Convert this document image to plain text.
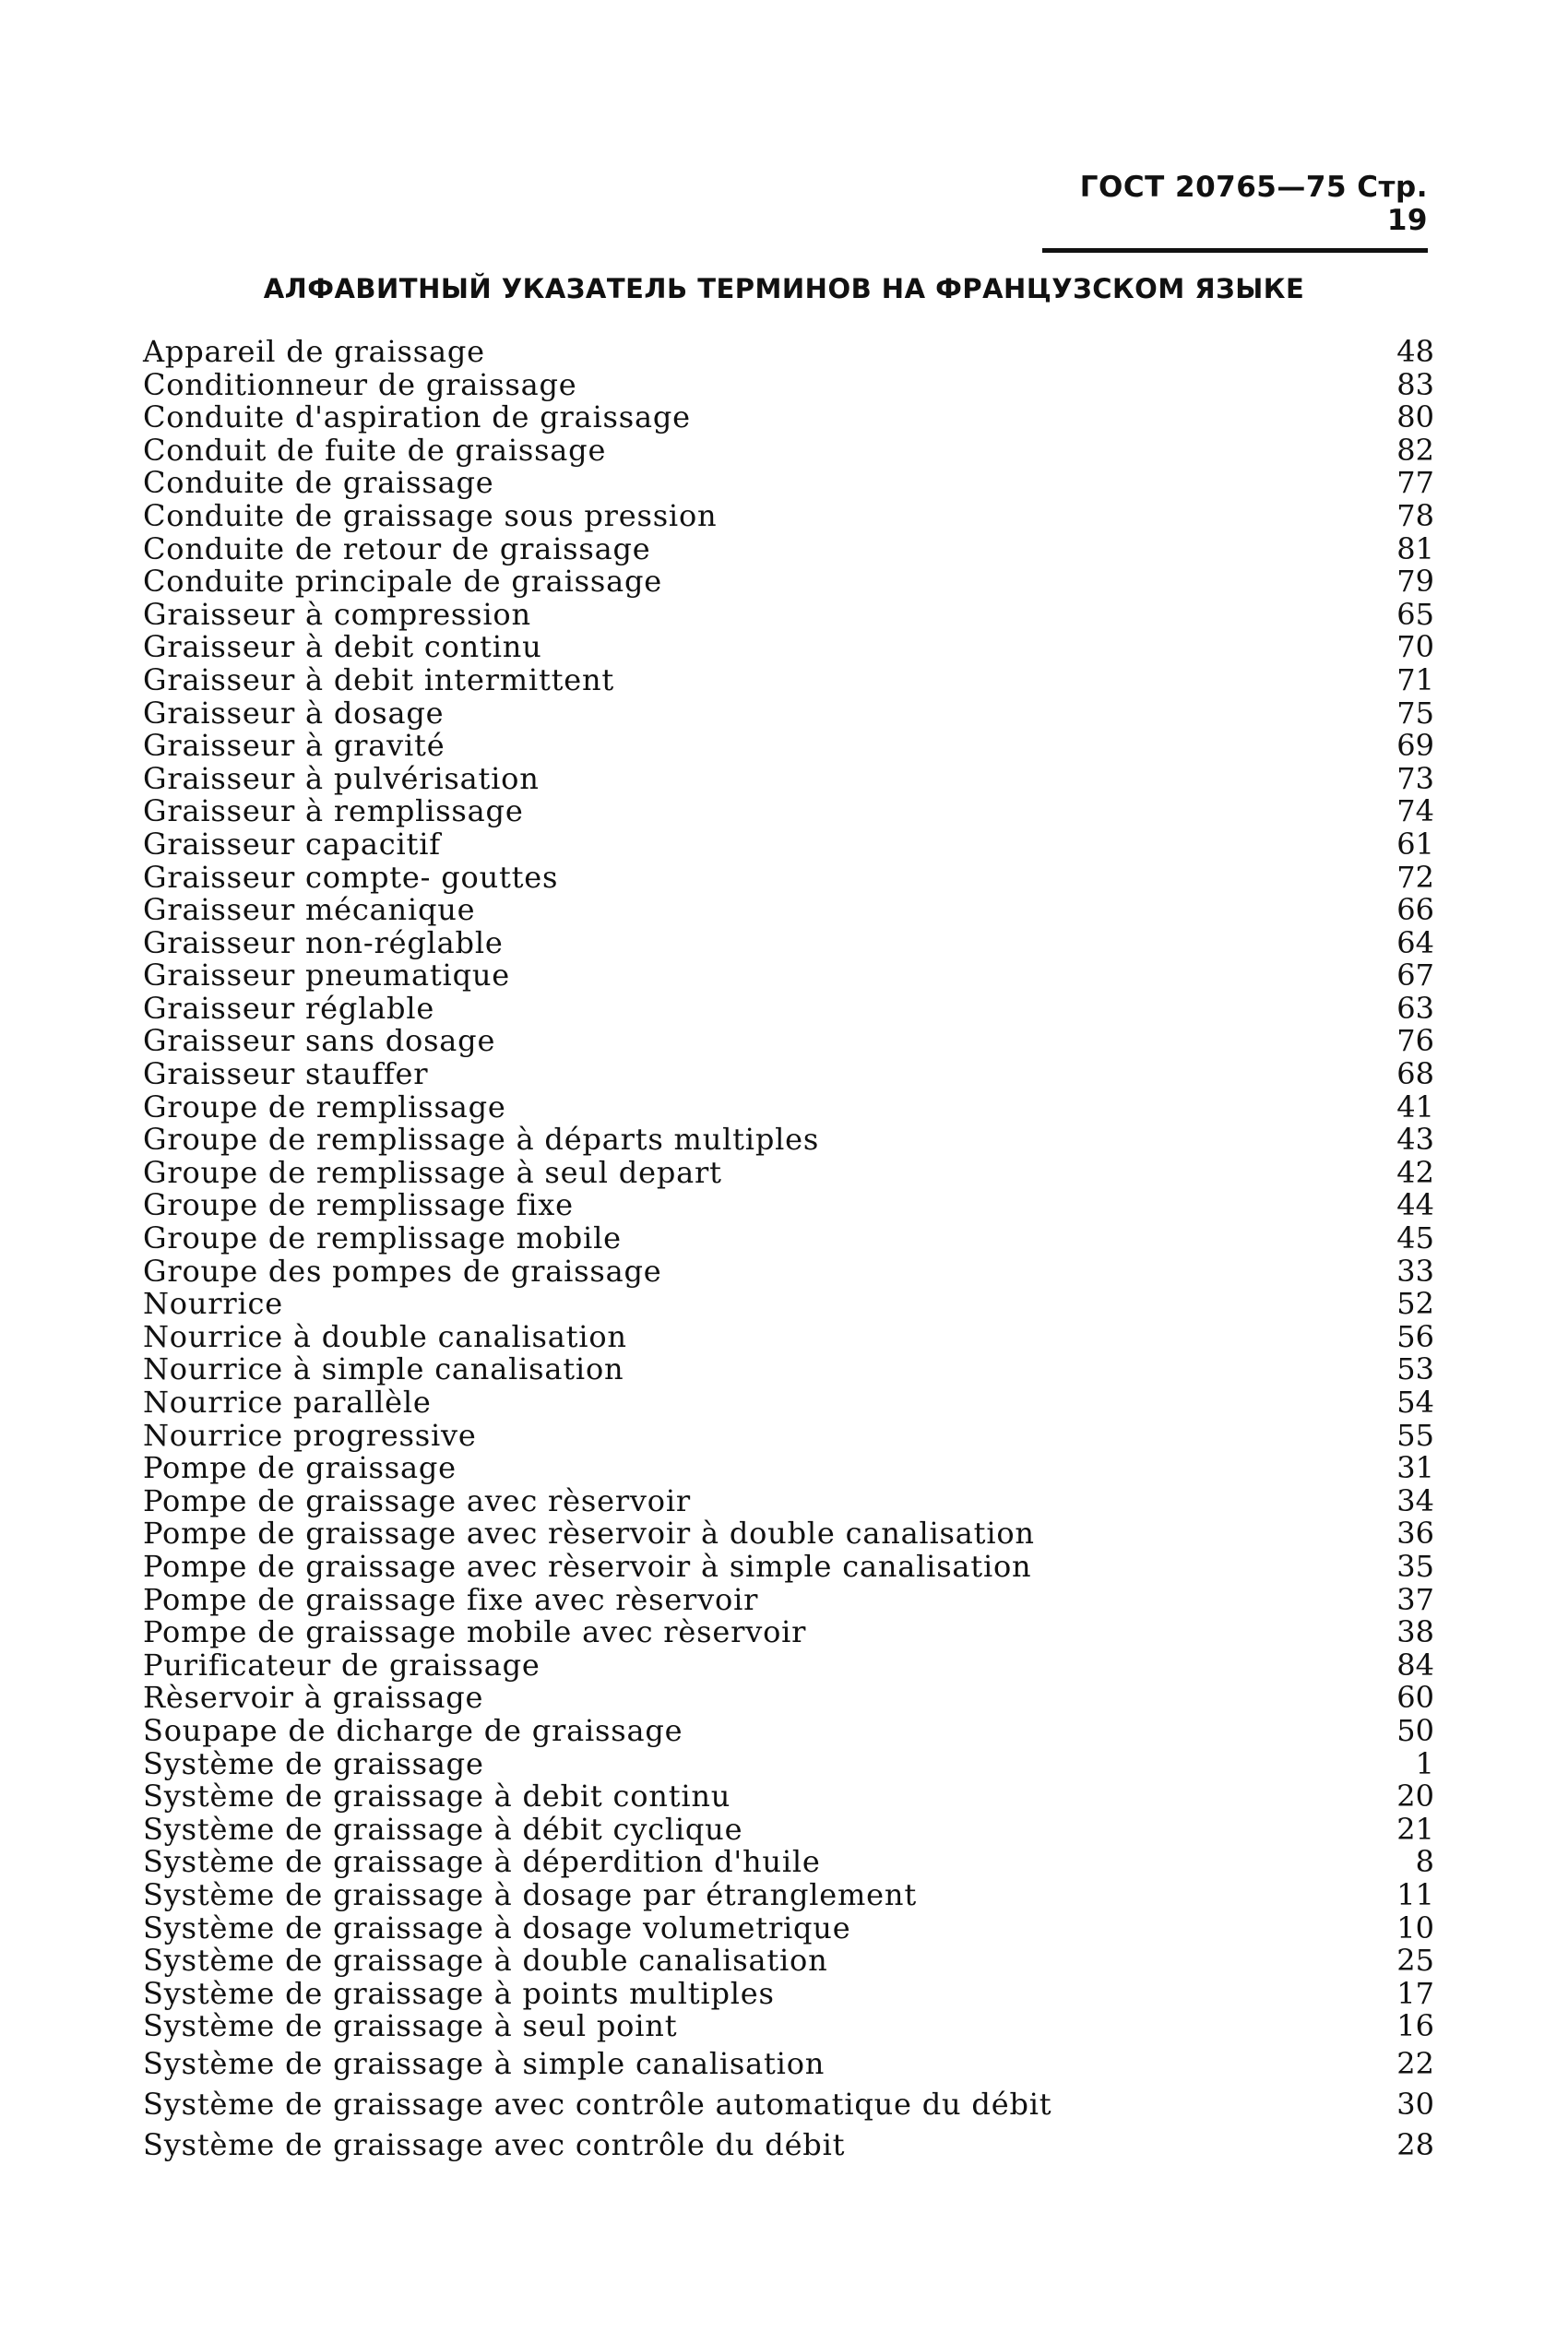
ГОСТ 20765—75 Стр. 19
АЛФАВИТНЫЙ УКАЗАТЕЛЬ ТЕРМИНОВ НА ФРАНЦУЗСКОМ ЯЗЫКЕ
Appareil de graissage	48
Conditionneur de graissage	83
Conduite d'aspiration de graissage	80
Conduit de fuite de graissage	82
Conduite de graissage	77
Conduite de graissage sous pression	78
Conduite de retour de graissage	81
Conduite principale de graissage	79
Graisseur à compression	65
Graisseur à debit continu	70
Graisseur à debit intermittent	71
Graisseur à dosage	75
Graisseur à gravité	69
Graisseur à pulvérisation	73
Graisseur à remplissage	74
Graisseur capacitif	61
Graisseur compte- gouttes	72
Graisseur mécanique	66
Graisseur non-réglable	64
Graisseur pneumatique	67
Graisseur réglable	63
Graisseur sans dosage	76
Graisseur stauffer	68
Groupe de remplissage	41
Groupe de remplissage à départs multiples	43
Groupe de remplissage à seul depart	42
Groupe de remplissage fixe	44
Groupe de remplissage mobile	45
Groupe des pompes de graissage	33
Nourrice	52
Nourrice à double canalisation	56
Nourrice à simple canalisation	53
Nourrice parallèle	54
Nourrice progressive	55
Pompe de graissage	31
Pompe de graissage avec rèservoir	34
Pompe de graissage avec rèservoir à double canalisation	36
Pompe de graissage avec rèservoir à simple canalisation	35
Pompe de graissage fixe avec rèservoir	37
Pompe de graissage mobile avec rèservoir	38
Purificateur de graissage	84
Rèservoir à graissage	60
Soupape de dicharge de graissage	50
Système de graissage	1
Système de graissage à debit continu	20
Système de graissage à débit cyclique	21
Système de graissage à déperdition d'huile	8
Système de graissage à dosage par étranglement	11
Système de graissage à dosage volumetrique	10
Système de graissage à double canalisation	25
Système de graissage à points multiples	17
Système de graissage à seul point	16
Système de graissage à simple canalisation	22
Système de graissage avec contrôle automatique du débit	30
Système de graissage avec contrôle du débit	28
